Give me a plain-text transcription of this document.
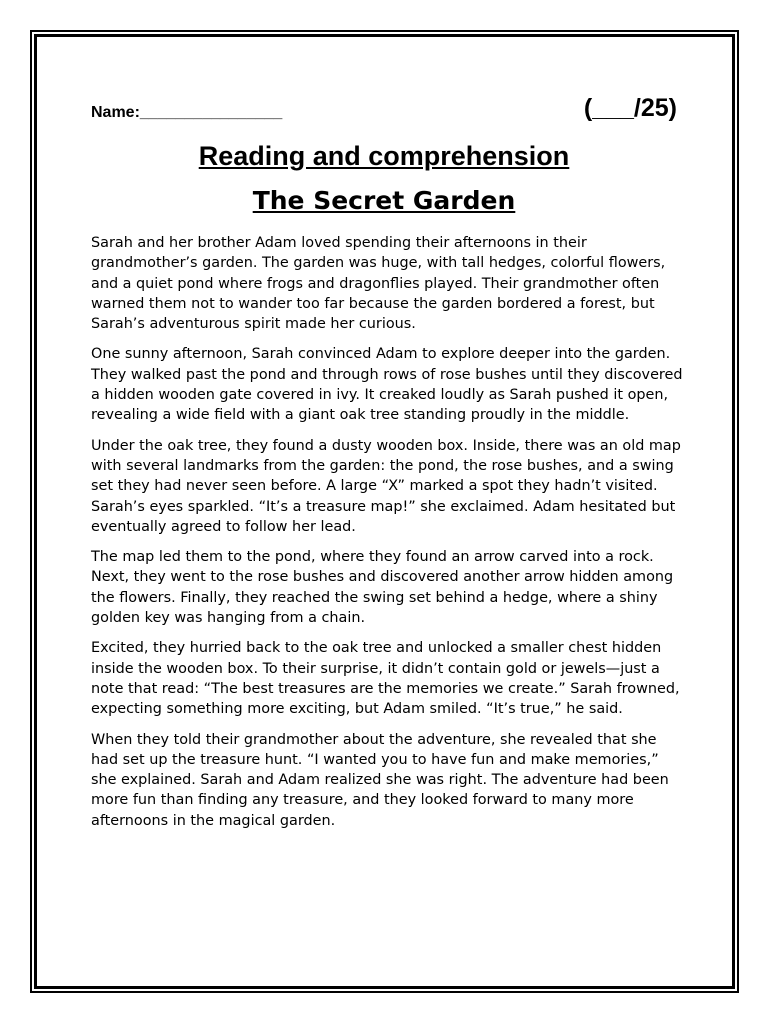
Name:________________	(___/25)
Reading and comprehension
The Secret Garden

Sarah and her brother Adam loved spending their afternoons in their grandmother’s garden. The garden was huge, with tall hedges, colorful flowers, and a quiet pond where frogs and dragonflies played. Their grandmother often warned them not to wander too far because the garden bordered a forest, but Sarah’s adventurous spirit made her curious.

One sunny afternoon, Sarah convinced Adam to explore deeper into the garden. They walked past the pond and through rows of rose bushes until they discovered a hidden wooden gate covered in ivy. It creaked loudly as Sarah pushed it open, revealing a wide field with a giant oak tree standing proudly in the middle.

Under the oak tree, they found a dusty wooden box. Inside, there was an old map with several landmarks from the garden: the pond, the rose bushes, and a swing set they had never seen before. A large “X” marked a spot they hadn’t visited. Sarah’s eyes sparkled. “It’s a treasure map!” she exclaimed. Adam hesitated but eventually agreed to follow her lead.

The map led them to the pond, where they found an arrow carved into a rock. Next, they went to the rose bushes and discovered another arrow hidden among the flowers. Finally, they reached the swing set behind a hedge, where a shiny golden key was hanging from a chain.

Excited, they hurried back to the oak tree and unlocked a smaller chest hidden inside the wooden box. To their surprise, it didn’t contain gold or jewels—just a note that read: “The best treasures are the memories we create.” Sarah frowned, expecting something more exciting, but Adam smiled. “It’s true,” he said.

When they told their grandmother about the adventure, she revealed that she had set up the treasure hunt. “I wanted you to have fun and make memories,” she explained. Sarah and Adam realized she was right. The adventure had been more fun than finding any treasure, and they looked forward to many more afternoons in the magical garden.
